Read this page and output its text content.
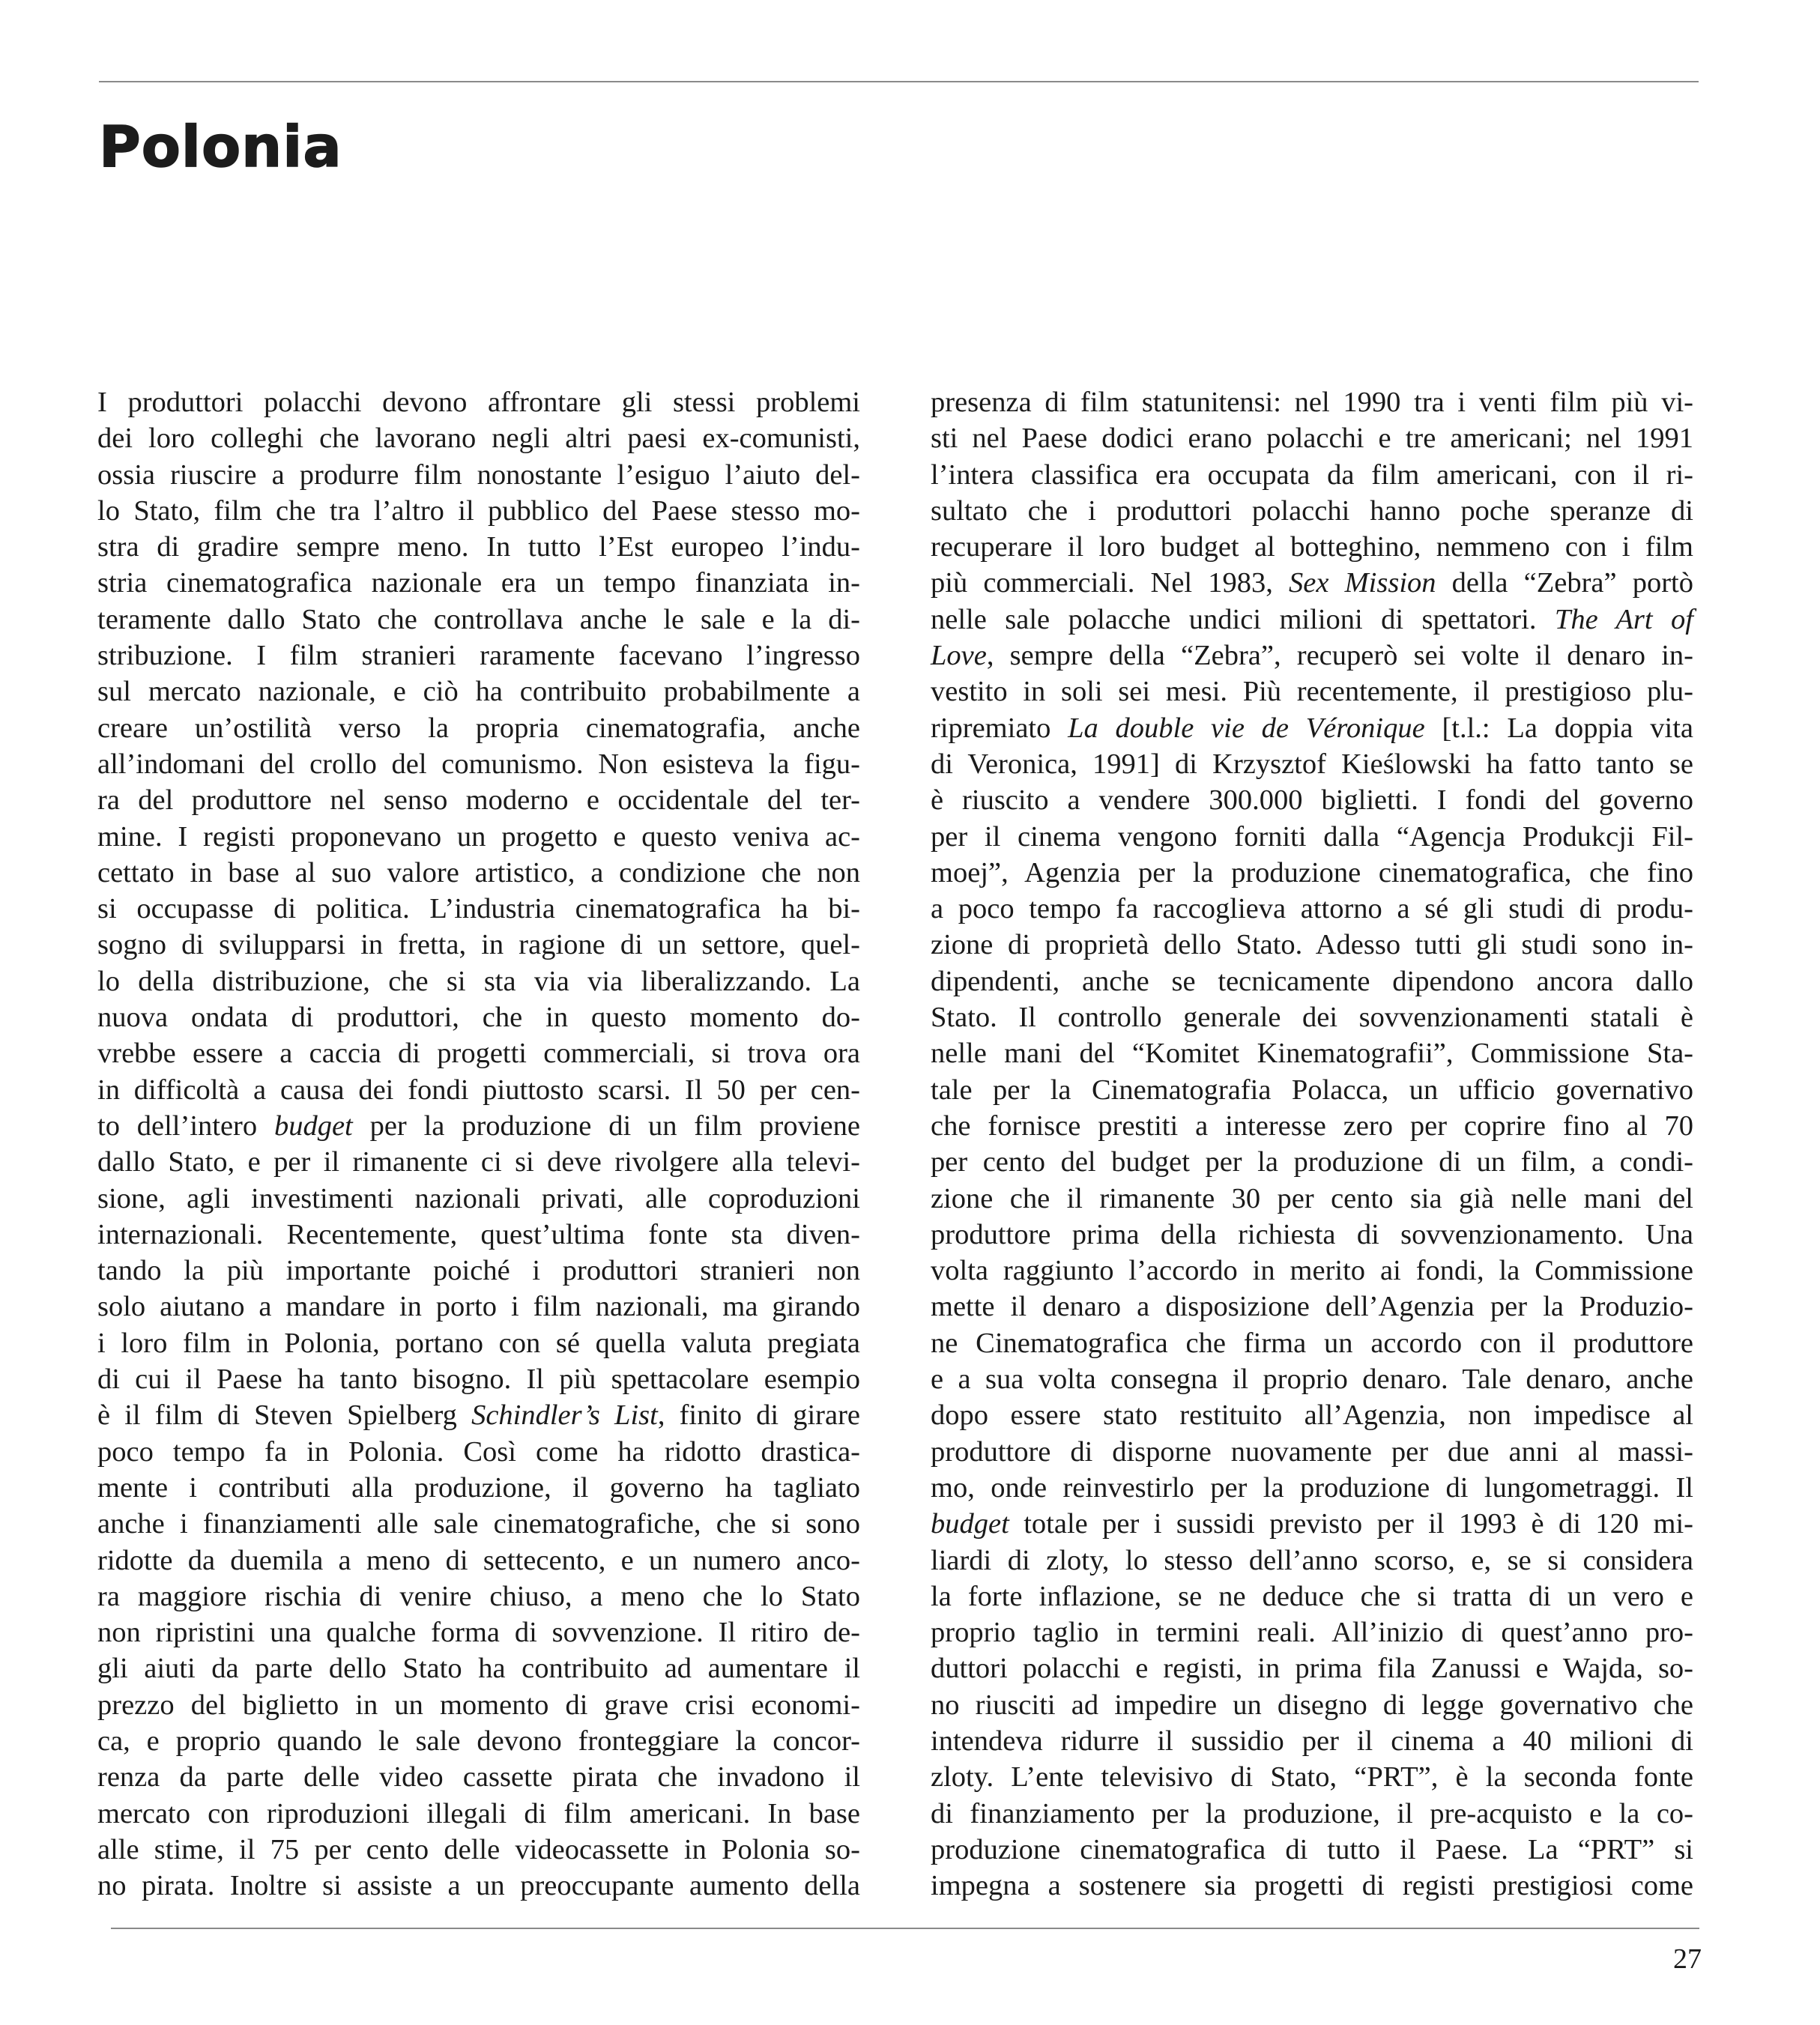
Polonia
I produttori polacchi devono affrontare gli stessi problemi
dei loro colleghi che lavorano negli altri paesi ex-comunisti,
ossia riuscire a produrre film nonostante l’esiguo l’aiuto del-
lo Stato, film che tra l’altro il pubblico del Paese stesso mo-
stra di gradire sempre meno. In tutto l’Est europeo l’indu-
stria cinematografica nazionale era un tempo finanziata in-
teramente dallo Stato che controllava anche le sale e la di-
stribuzione. I film stranieri raramente facevano l’ingresso
sul mercato nazionale, e ciò ha contribuito probabilmente a
creare un’ostilità verso la propria cinematografia, anche
all’indomani del crollo del comunismo. Non esisteva la figu-
ra del produttore nel senso moderno e occidentale del ter-
mine. I registi proponevano un progetto e questo veniva ac-
cettato in base al suo valore artistico, a condizione che non
si occupasse di politica. L’industria cinematografica ha bi-
sogno di svilupparsi in fretta, in ragione di un settore, quel-
lo della distribuzione, che si sta via via liberalizzando. La
nuova ondata di produttori, che in questo momento do-
vrebbe essere a caccia di progetti commerciali, si trova ora
in difficoltà a causa dei fondi piuttosto scarsi. Il 50 per cen-
to dell’intero budget per la produzione di un film proviene
dallo Stato, e per il rimanente ci si deve rivolgere alla televi-
sione, agli investimenti nazionali privati, alle coproduzioni
internazionali. Recentemente, quest’ultima fonte sta diven-
tando la più importante poiché i produttori stranieri non
solo aiutano a mandare in porto i film nazionali, ma girando
i loro film in Polonia, portano con sé quella valuta pregiata
di cui il Paese ha tanto bisogno. Il più spettacolare esempio
è il film di Steven Spielberg Schindler’s List, finito di girare
poco tempo fa in Polonia. Così come ha ridotto drastica-
mente i contributi alla produzione, il governo ha tagliato
anche i finanziamenti alle sale cinematografiche, che si sono
ridotte da duemila a meno di settecento, e un numero anco-
ra maggiore rischia di venire chiuso, a meno che lo Stato
non ripristini una qualche forma di sovvenzione. Il ritiro de-
gli aiuti da parte dello Stato ha contribuito ad aumentare il
prezzo del biglietto in un momento di grave crisi economi-
ca, e proprio quando le sale devono fronteggiare la concor-
renza da parte delle video cassette pirata che invadono il
mercato con riproduzioni illegali di film americani. In base
alle stime, il 75 per cento delle videocassette in Polonia so-
no pirata. Inoltre si assiste a un preoccupante aumento della
presenza di film statunitensi: nel 1990 tra i venti film più vi-
sti nel Paese dodici erano polacchi e tre americani; nel 1991
l’intera classifica era occupata da film americani, con il ri-
sultato che i produttori polacchi hanno poche speranze di
recuperare il loro budget al botteghino, nemmeno con i film
più commerciali. Nel 1983, Sex Mission della “Zebra” portò
nelle sale polacche undici milioni di spettatori. The Art of
Love, sempre della “Zebra”, recuperò sei volte il denaro in-
vestito in soli sei mesi. Più recentemente, il prestigioso plu-
ripremiato La double vie de Véronique [t.l.: La doppia vita
di Veronica, 1991] di Krzysztof Kieślowski ha fatto tanto se
è riuscito a vendere 300.000 biglietti. I fondi del governo
per il cinema vengono forniti dalla “Agencja Produkcji Fil-
moej”, Agenzia per la produzione cinematografica, che fino
a poco tempo fa raccoglieva attorno a sé gli studi di produ-
zione di proprietà dello Stato. Adesso tutti gli studi sono in-
dipendenti, anche se tecnicamente dipendono ancora dallo
Stato. Il controllo generale dei sovvenzionamenti statali è
nelle mani del “Komitet Kinematografii”, Commissione Sta-
tale per la Cinematografia Polacca, un ufficio governativo
che fornisce prestiti a interesse zero per coprire fino al 70
per cento del budget per la produzione di un film, a condi-
zione che il rimanente 30 per cento sia già nelle mani del
produttore prima della richiesta di sovvenzionamento. Una
volta raggiunto l’accordo in merito ai fondi, la Commissione
mette il denaro a disposizione dell’Agenzia per la Produzio-
ne Cinematografica che firma un accordo con il produttore
e a sua volta consegna il proprio denaro. Tale denaro, anche
dopo essere stato restituito all’Agenzia, non impedisce al
produttore di disporne nuovamente per due anni al massi-
mo, onde reinvestirlo per la produzione di lungometraggi. Il
budget totale per i sussidi previsto per il 1993 è di 120 mi-
liardi di zloty, lo stesso dell’anno scorso, e, se si considera
la forte inflazione, se ne deduce che si tratta di un vero e
proprio taglio in termini reali. All’inizio di quest’anno pro-
duttori polacchi e registi, in prima fila Zanussi e Wajda, so-
no riusciti ad impedire un disegno di legge governativo che
intendeva ridurre il sussidio per il cinema a 40 milioni di
zloty. L’ente televisivo di Stato, “PRT”, è la seconda fonte
di finanziamento per la produzione, il pre-acquisto e la co-
produzione cinematografica di tutto il Paese. La “PRT” si
impegna a sostenere sia progetti di registi prestigiosi come
27
